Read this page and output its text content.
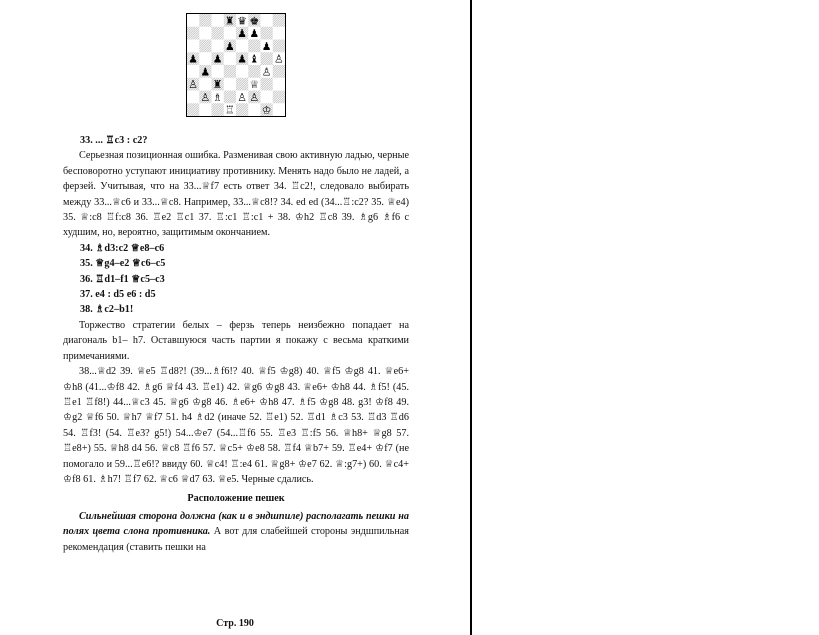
♜ ♛ ♚
♟ ♟
♟ ♟
♟ ♟ ♟ ♝ ♙
♟	♙
♙ ♜ ♕
♙ ♗ ♙ ♙
♖ ♔

33. ... ♖c3 : c2?

Серьезная позиционная ошибка. Разменивая свою активную ладью, черные бесповоротно уступают инициативу противнику. Менять надо было не ладей, а ферзей. Учитывая, что на 33...♕f7 есть ответ 34. ♖c2!, следовало выбирать между 33...♕c6 и 33...♕c8. Например, 33...♕c8!? 34. ed ed (34...♖:c2? 35. ♕e4) 35. ♕:c8 ♖f:c8 36. ♖e2 ♖c1 37. ♖:c1 ♖:c1 + 38. ♔h2 ♖c8 39. ♗g6 ♗f6 с худшим, но, вероятно, защитимым окончанием.

34. ♗d3:c2 ♕e8–c6

35. ♕g4–e2 ♕c6–c5

36. ♖d1–f1 ♕c5–c3

37. e4 : d5 e6 : d5

38. ♗c2–b1!

Торжество стратегии белых – ферзь теперь неизбежно попадает на диагональ b1– h7. Оставшуюся часть партии я покажу с весьма краткими примечаниями.

38...♕d2 39. ♕e5 ♖d8?! (39...♗f6!? 40. ♕f5 ♔g8) 40. ♕f5 ♔g8 41. ♕e6+ ♔h8 (41...♔f8 42. ♗g6 ♕f4 43. ♖e1) 42. ♕g6 ♔g8 43. ♕e6+ ♔h8 44. ♗f5! (45. ♖e1 ♖f8!) 44...♕c3 45. ♕g6 ♔g8 46. ♗e6+ ♔h8 47. ♗f5 ♔g8 48. g3! ♔f8 49. ♔g2 ♕f6 50. ♕h7 ♕f7 51. h4 ♗d2 (иначе 52. ♖e1) 52. ♖d1 ♗c3 53. ♖d3 ♖d6 54. ♖f3! (54. ♖e3? g5!) 54...♔e7 (54...♖f6 55. ♖e3 ♖:f5 56. ♕h8+ ♕g8 57. ♖e8+) 55. ♕h8 d4 56. ♕c8 ♖f6 57. ♕c5+ ♔e8 58. ♖f4 ♕b7+ 59. ♖e4+ ♔f7 (не помогало и 59...♖e6!? ввиду 60. ♕c4! ♖:e4 61. ♕g8+ ♔e7 62. ♕:g7+) 60. ♕c4+ ♔f8 61. ♗h7! ♖f7 62. ♕c6 ♕d7 63. ♕e5. Черные сдались.

Расположение пешек

Сильнейшая сторона должна (как и в эндшпиле) располагать пешки на полях цвета слона противника. А вот для слабейшей стороны эндшпильная рекомендация (ставить пешки на

Стр. 190
